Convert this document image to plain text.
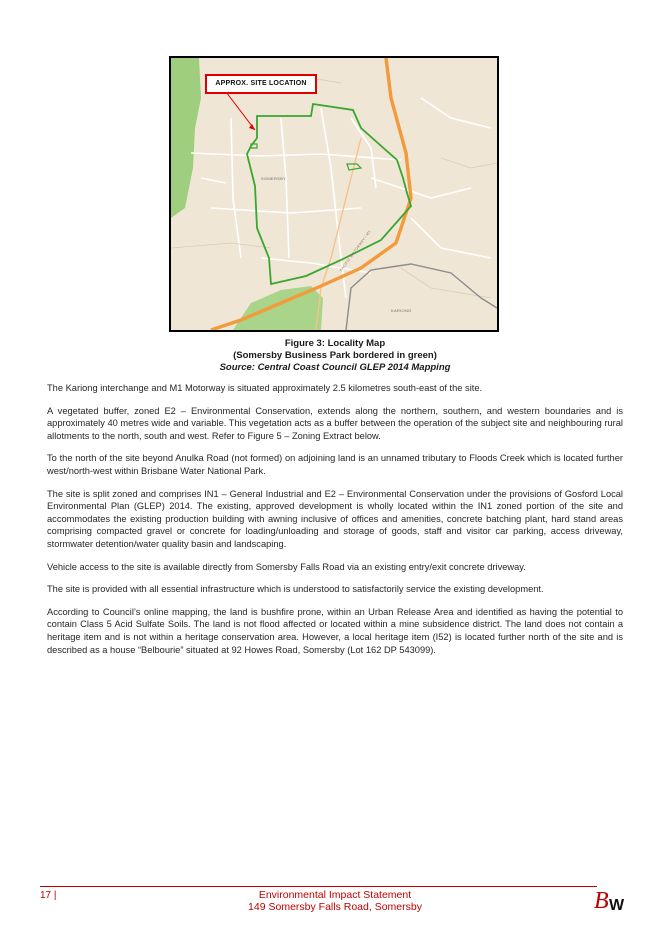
APPROX. SITE LOCATION
SOMERSBY
PACIFIC MOTORWAY / M1
KARIONG
Figure 3: Locality Map
(Somersby Business Park bordered in green)
Source: Central Coast Council GLEP 2014 Mapping

The Kariong interchange and M1 Motorway is situated approximately 2.5 kilometres south-east of the site.

A vegetated buffer, zoned E2 – Environmental Conservation, extends along the northern, southern, and western boundaries and is approximately 40 metres wide and variable. This vegetation acts as a buffer between the operation of the subject site and neighbouring rural allotments to the north, south and west. Refer to Figure 5 – Zoning Extract below.

To the north of the site beyond Anulka Road (not formed) on adjoining land is an unnamed tributary to Floods Creek which is located further west/north-west within Brisbane Water National Park.

The site is split zoned and comprises IN1 – General Industrial and E2 – Environmental Conservation under the provisions of Gosford Local Environmental Plan (GLEP) 2014. The existing, approved development is wholly located within the IN1 zoned portion of the site and accommodates the existing production building with awning inclusive of offices and amenities, concrete batching plant, hard stand areas comprising compacted gravel or concrete for loading/unloading and storage of goods, staff and visitor car parking, access driveway, stormwater detention/water quality basin and landscaping.

Vehicle access to the site is available directly from Somersby Falls Road via an existing entry/exit concrete driveway.

The site is provided with all essential infrastructure which is understood to satisfactorily service the existing development.

According to Council’s online mapping, the land is bushfire prone, within an Urban Release Area and identified as having the potential to contain Class 5 Acid Sulfate Soils. The land is not flood affected or located within a mine subsidence district. The land does not contain a heritage item and is not within a heritage conservation area. However, a local heritage item (I52) is located further north of the site and is described as a house “Belbourie” situated at 92 Howes Road, Somersby (Lot 162 DP 543099).

17 |	Environmental Impact Statement
149 Somersby Falls Road, Somersby	B W
